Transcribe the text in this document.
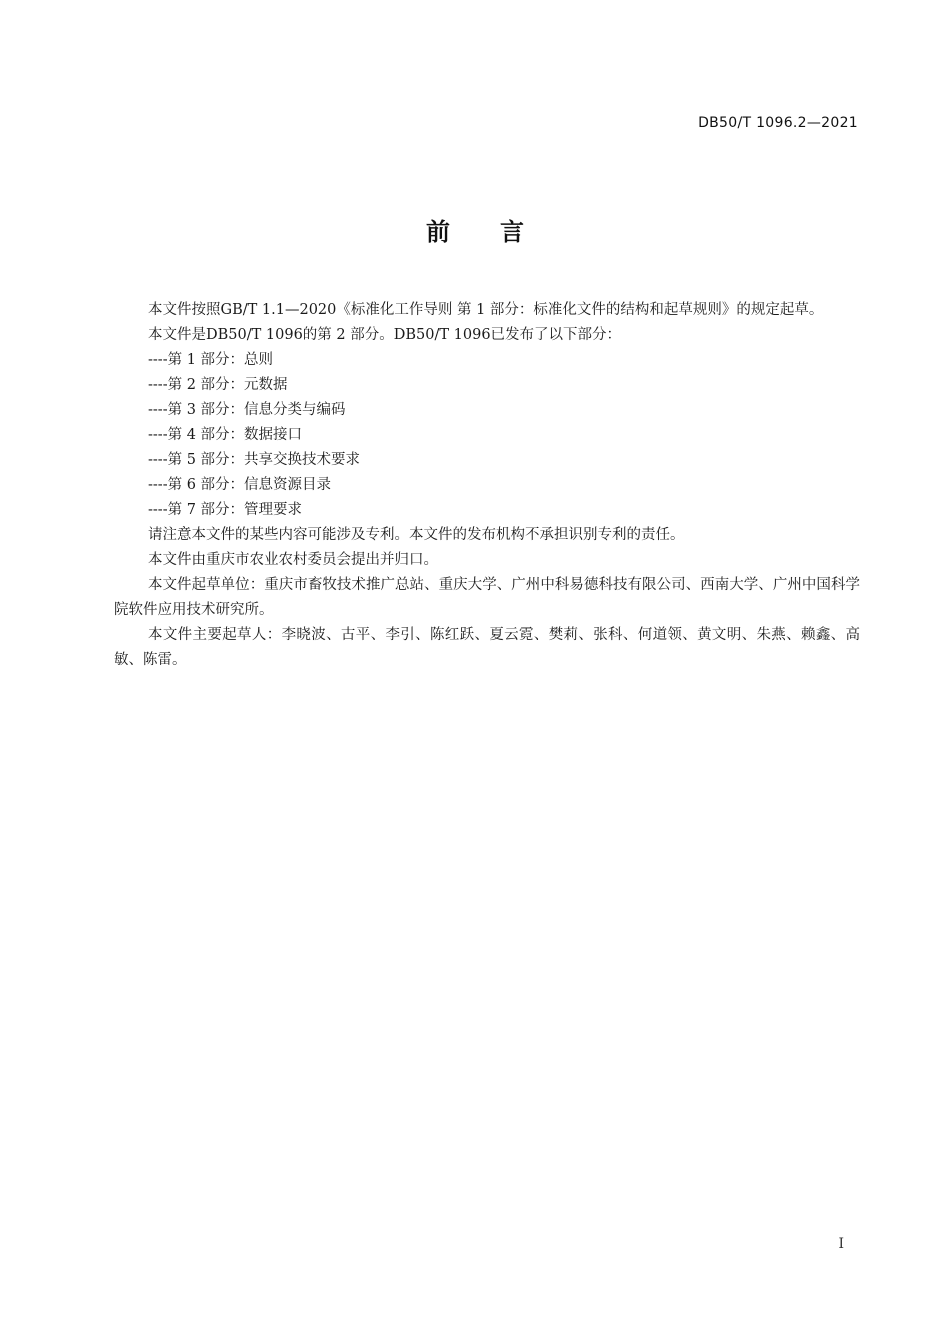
DB50/T 1096.2—2021
前 言

本文件按照GB/T 1.1—2020《标准化工作导则 第 1 部分：标准化文件的结构和起草规则》的规定起草。

本文件是DB50/T 1096的第 2 部分。DB50/T 1096已发布了以下部分：

----第 1 部分：总则

----第 2 部分：元数据

----第 3 部分：信息分类与编码

----第 4 部分：数据接口

----第 5 部分：共享交换技术要求

----第 6 部分：信息资源目录

----第 7 部分：管理要求

请注意本文件的某些内容可能涉及专利。本文件的发布机构不承担识别专利的责任。

本文件由重庆市农业农村委员会提出并归口。

本文件起草单位：重庆市畜牧技术推广总站、重庆大学、广州中科易德科技有限公司、西南大学、广州中国科学院软件应用技术研究所。

本文件主要起草人：李晓波、古平、李引、陈红跃、夏云霓、樊莉、张科、何道领、黄文明、朱燕、赖鑫、高敏、陈雷。

I
